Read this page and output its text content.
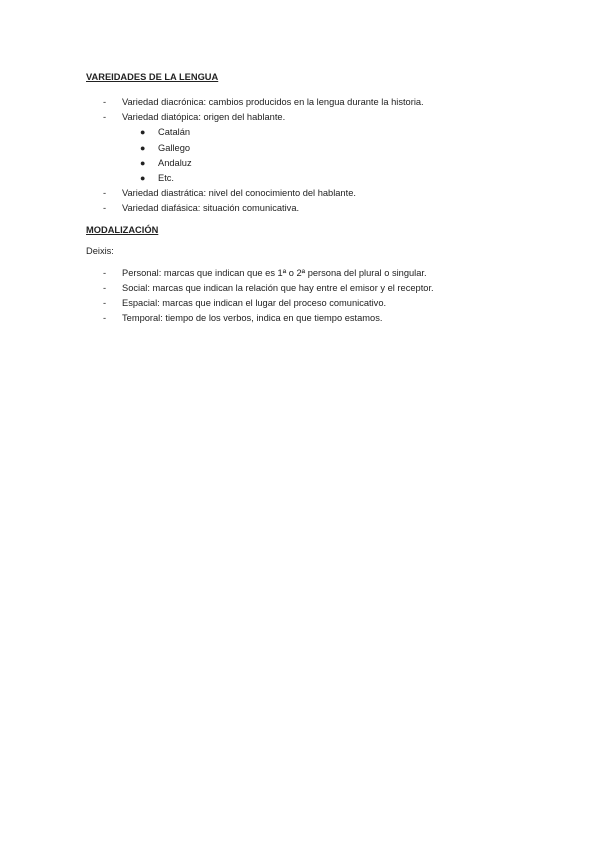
VAREIDADES DE LA LENGUA
- Variedad diacrónica: cambios producidos en la lengua durante la historia.
- Variedad diatópica: origen del hablante.
● Catalán
● Gallego
● Andaluz
● Etc.
- Variedad diastrática: nivel del conocimiento del hablante.
- Variedad diafásica: situación comunicativa.
MODALIZACIÓN

Deixis:

- Personal: marcas que indican que es 1ª o 2ª persona del plural o singular.
- Social: marcas que indican la relación que hay entre el emisor y el receptor.
- Espacial: marcas que indican el lugar del proceso comunicativo.
- Temporal: tiempo de los verbos, indica en que tiempo estamos.
